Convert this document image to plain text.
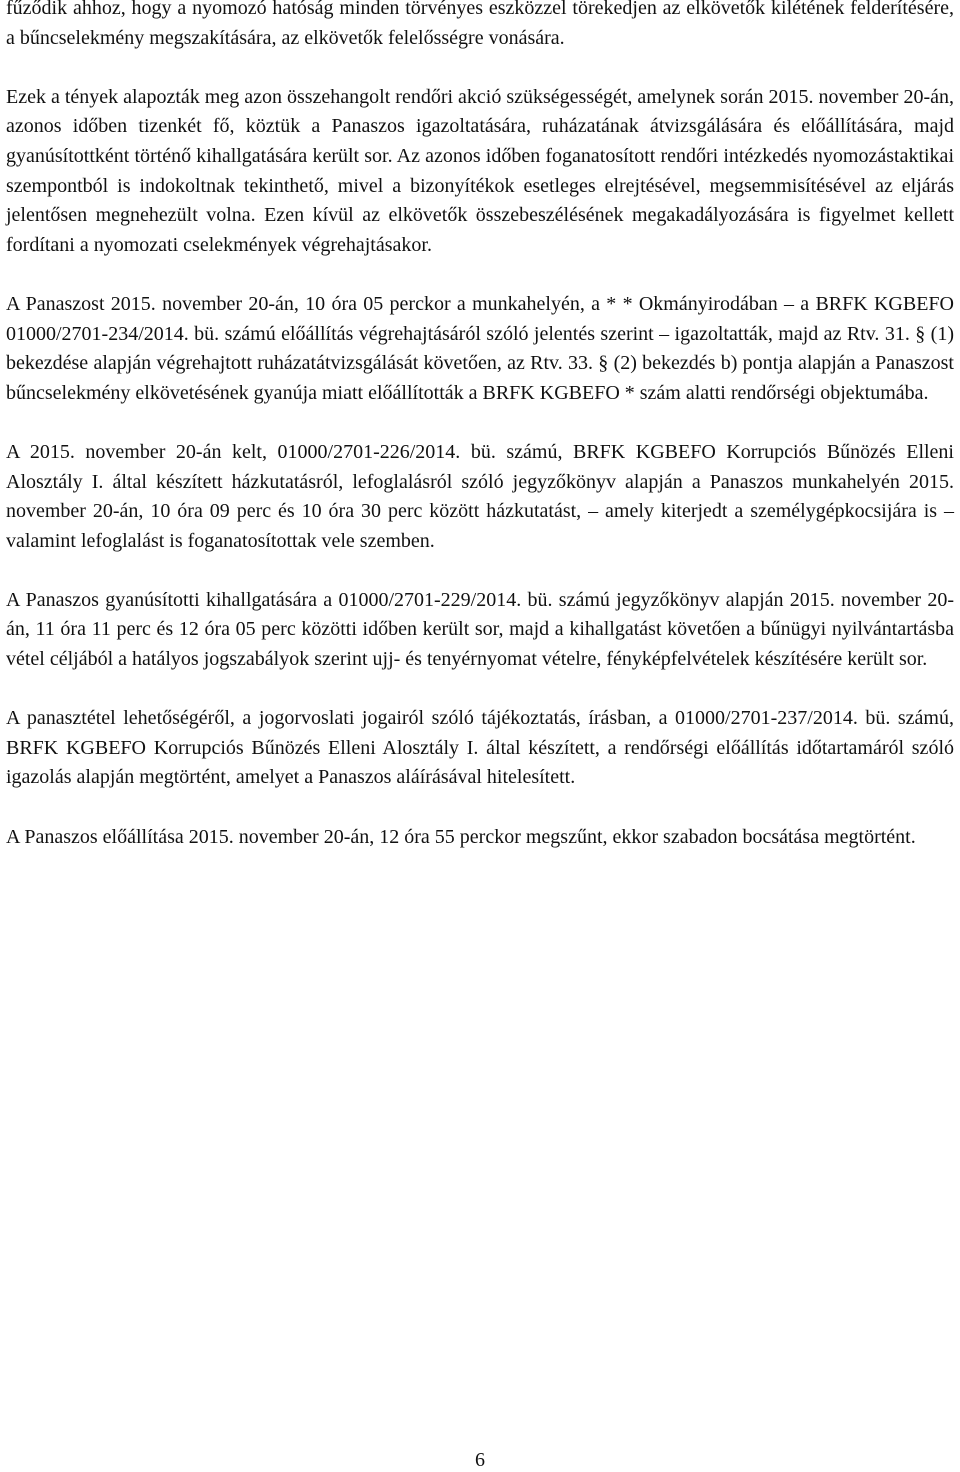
fűződik ahhoz, hogy a nyomozó hatóság minden törvényes eszközzel törekedjen az elkövetők kilétének felderítésére, a bűncselekmény megszakítására, az elkövetők felelősségre vonására.

Ezek a tények alapozták meg azon összehangolt rendőri akció szükségességét, amelynek során 2015. november 20-án, azonos időben tizenkét fő, köztük a Panaszos igazoltatására, ruházatának átvizsgálására és előállítására, majd gyanúsítottként történő kihallgatására került sor. Az azonos időben foganatosított rendőri intézkedés nyomozástaktikai szempontból is indokoltnak tekinthető, mivel a bizonyítékok esetleges elrejtésével, megsemmisítésével az eljárás jelentősen megnehezült volna. Ezen kívül az elkövetők összebeszélésének megakadályozására is figyelmet kellett fordítani a nyomozati cselekmények végrehajtásakor.

A Panaszost 2015. november 20-án, 10 óra 05 perckor a munkahelyén, a * * Okmányirodában – a BRFK KGBEFO 01000/2701-234/2014. bü. számú előállítás végrehajtásáról szóló jelentés szerint – igazoltatták, majd az Rtv. 31. § (1) bekezdése alapján végrehajtott ruházatátvizsgálását követően, az Rtv. 33. § (2) bekezdés b) pontja alapján a Panaszost bűncselekmény elkövetésének gyanúja miatt előállították a BRFK KGBEFO * szám alatti rendőrségi objektumába.

A 2015. november 20-án kelt, 01000/2701-226/2014. bü. számú, BRFK KGBEFO Korrupciós Bűnözés Elleni Alosztály I. által készített házkutatásról, lefoglalásról szóló jegyzőkönyv alapján a Panaszos munkahelyén 2015. november 20-án, 10 óra 09 perc és 10 óra 30 perc között házkutatást, – amely kiterjedt a személygépkocsijára is – valamint lefoglalást is foganatosítottak vele szemben.

A Panaszos gyanúsítotti kihallgatására a 01000/2701-229/2014. bü. számú jegyzőkönyv alapján 2015. november 20-án, 11 óra 11 perc és 12 óra 05 perc közötti időben került sor, majd a kihallgatást követően a bűnügyi nyilvántartásba vétel céljából a hatályos jogszabályok szerint ujj- és tenyérnyomat vételre, fényképfelvételek készítésére került sor.

A panasztétel lehetőségéről, a jogorvoslati jogairól szóló tájékoztatás, írásban, a 01000/2701-237/2014. bü. számú, BRFK KGBEFO Korrupciós Bűnözés Elleni Alosztály I. által készített, a rendőrségi előállítás időtartamáról szóló igazolás alapján megtörtént, amelyet a Panaszos aláírásával hitelesített.

A Panaszos előállítása 2015. november 20-án, 12 óra 55 perckor megszűnt, ekkor szabadon bocsátása megtörtént.

6
